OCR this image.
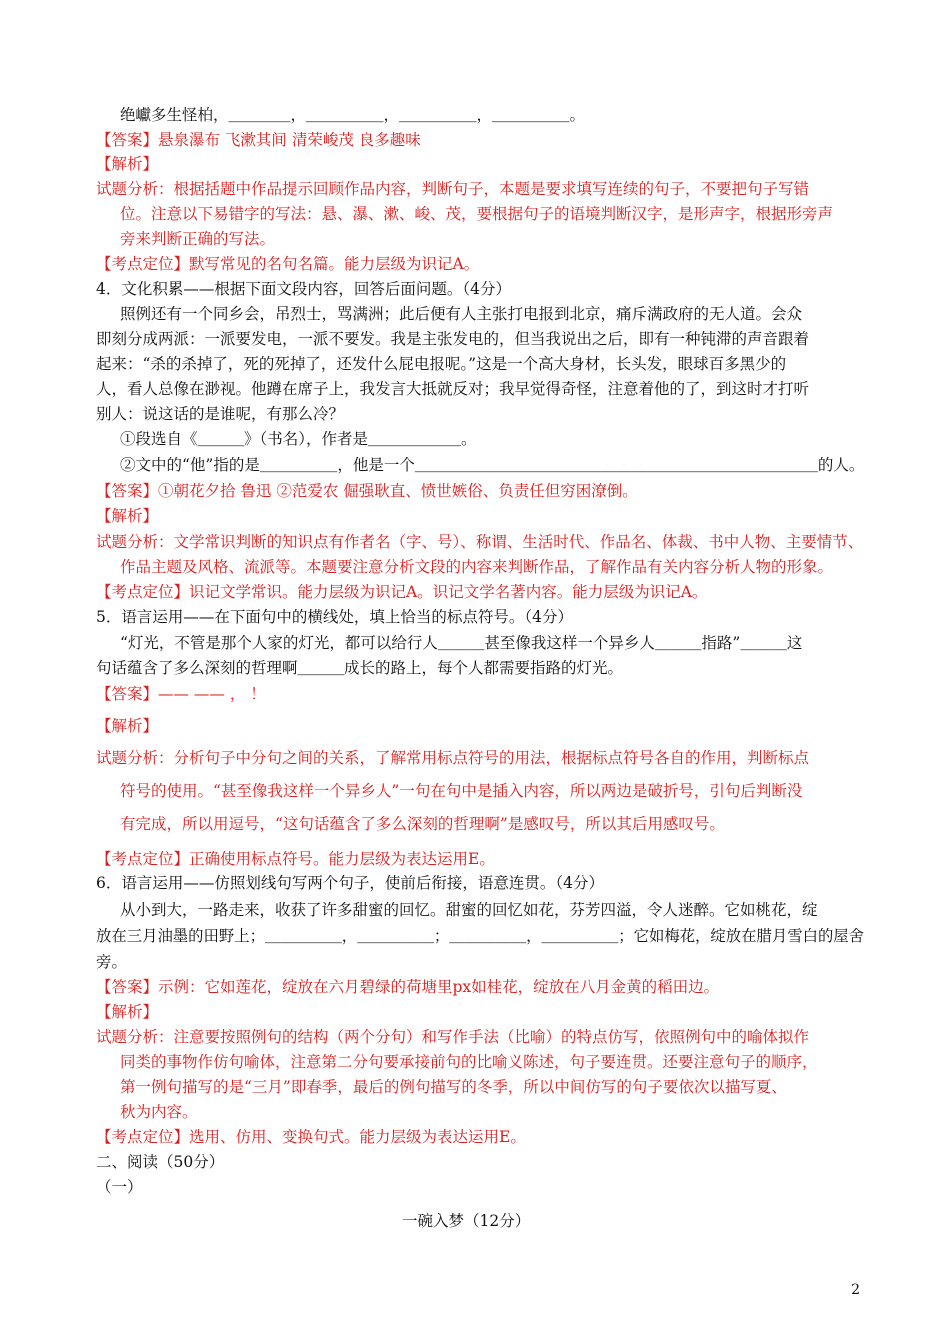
绝巘多生怪柏，＿＿＿＿，＿＿＿＿＿，＿＿＿＿＿，＿＿＿＿＿。
【答案】悬泉瀑布 飞漱其间 清荣峻茂 良多趣味
【解析】
试题分析：根据括题中作品提示回顾作品内容，判断句子，本题是要求填写连续的句子，不要把句子写错
位。注意以下易错字的写法：悬、瀑、漱、峻、茂，要根据句子的语境判断汉字，是形声字，根据形旁声
旁来判断正确的写法。
【考点定位】默写常见的名句名篇。能力层级为识记A。
4．文化积累——根据下面文段内容，回答后面问题。（4分）
照例还有一个同乡会，吊烈士，骂满洲；此后便有人主张打电报到北京，痛斥满政府的无人道。会众
即刻分成两派：一派要发电，一派不要发。我是主张发电的，但当我说出之后，即有一种钝滞的声音跟着
起来：“杀的杀掉了，死的死掉了，还发什么屁电报呢。”这是一个高大身材，长头发，眼球百多黑少的
人，看人总像在渺视。他蹲在席子上，我发言大抵就反对；我早觉得奇怪，注意着他的了，到这时才打听
别人：说这话的是谁呢，有那么冷？
①段选自《＿＿＿》（书名），作者是＿＿＿＿＿＿。
②文中的“他”指的是＿＿＿＿＿，他是一个＿＿＿＿＿＿＿＿＿＿＿＿＿＿＿＿＿＿＿＿＿＿＿＿＿＿的人。
【答案】①朝花夕拾 鲁迅 ②范爱农 倔强耿直、愤世嫉俗、负责任但穷困潦倒。
【解析】
试题分析：文学常识判断的知识点有作者名（字、号）、称谓、生活时代、作品名、体裁、书中人物、主要情节、
作品主题及风格、流派等。本题要注意分析文段的内容来判断作品，了解作品有关内容分析人物的形象。
【考点定位】识记文学常识。能力层级为识记A。识记文学名著内容。能力层级为识记A。
5．语言运用——在下面句中的横线处，填上恰当的标点符号。（4分）
“灯光，不管是那个人家的灯光，都可以给行人＿＿＿甚至像我这样一个异乡人＿＿＿指路”＿＿＿这
句话蕴含了多么深刻的哲理啊＿＿＿成长的路上，每个人都需要指路的灯光。
【答案】—— —— ， ！
【解析】
试题分析：分析句子中分句之间的关系，了解常用标点符号的用法，根据标点符号各自的作用，判断标点
符号的使用。“甚至像我这样一个异乡人”一句在句中是插入内容，所以两边是破折号，引句后判断没
有完成，所以用逗号，“这句话蕴含了多么深刻的哲理啊”是感叹号，所以其后用感叹号。
【考点定位】正确使用标点符号。能力层级为表达运用E。
6．语言运用——仿照划线句写两个句子，使前后衔接，语意连贯。（4分）
从小到大，一路走来，收获了许多甜蜜的回忆。甜蜜的回忆如花，芬芳四溢，令人迷醉。它如桃花，绽
放在三月油墨的田野上；＿＿＿＿＿，＿＿＿＿＿；＿＿＿＿＿，＿＿＿＿＿；它如梅花，绽放在腊月雪白的屋舍
旁。
【答案】示例：它如莲花，绽放在六月碧绿的荷塘里px如桂花，绽放在八月金黄的稻田边。
【解析】
试题分析：注意要按照例句的结构（两个分句）和写作手法（比喻）的特点仿写，依照例句中的喻体拟作
同类的事物作仿句喻体，注意第二分句要承接前句的比喻义陈述，句子要连贯。还要注意句子的顺序，
第一例句描写的是“三月”即春季，最后的例句描写的冬季，所以中间仿写的句子要依次以描写夏、
秋为内容。
【考点定位】选用、仿用、变换句式。能力层级为表达运用E。
二、阅读（50分）
（一）
一碗入梦（12分）
2
